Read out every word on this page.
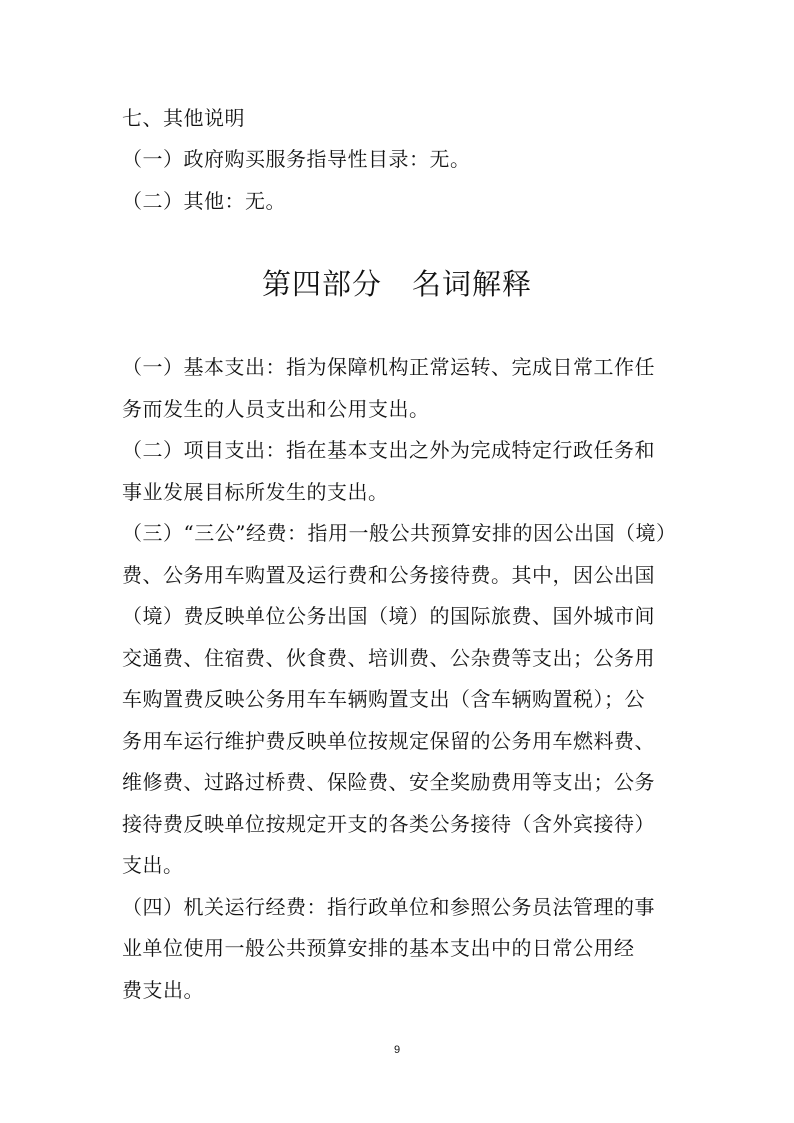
七、其他说明
（一）政府购买服务指导性目录：无。
（二）其他：无。
第四部分　名词解释
（一）基本支出：指为保障机构正常运转、完成日常工作任
务而发生的人员支出和公用支出。
（二）项目支出：指在基本支出之外为完成特定行政任务和
事业发展目标所发生的支出。
（三）“三公”经费：指用一般公共预算安排的因公出国（境）
费、公务用车购置及运行费和公务接待费。其中，因公出国
（境）费反映单位公务出国（境）的国际旅费、国外城市间
交通费、住宿费、伙食费、培训费、公杂费等支出；公务用
车购置费反映公务用车车辆购置支出（含车辆购置税）；公
务用车运行维护费反映单位按规定保留的公务用车燃料费、
维修费、过路过桥费、保险费、安全奖励费用等支出；公务
接待费反映单位按规定开支的各类公务接待（含外宾接待）
支出。
（四）机关运行经费：指行政单位和参照公务员法管理的事
业单位使用一般公共预算安排的基本支出中的日常公用经
费支出。
9
